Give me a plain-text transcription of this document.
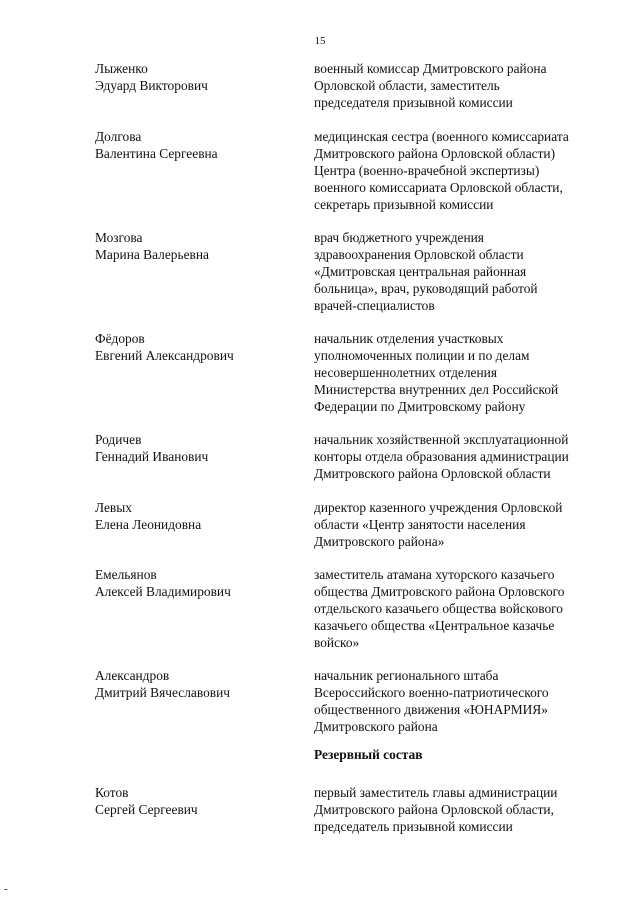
15
Лыженко
Эдуард Викторович
военный комиссар Дмитровского района
Орловской области, заместитель
председателя призывной комиссии
Долгова
Валентина Сергеевна
медицинская сестра (военного комиссариата
Дмитровского района Орловской области)
Центра (военно-врачебной экспертизы)
военного комиссариата Орловской области,
секретарь призывной комиссии
Мозгова
Марина Валерьевна
врач бюджетного учреждения
здравоохранения Орловской области
«Дмитровская центральная районная
больница», врач, руководящий работой
врачей-специалистов
Фёдоров
Евгений Александрович
начальник отделения участковых
уполномоченных полиции и по делам
несовершеннолетних отделения
Министерства внутренних дел Российской
Федерации по Дмитровскому району
Родичев
Геннадий Иванович
начальник хозяйственной эксплуатационной
конторы отдела образования администрации
Дмитровского района Орловской области
Левых
Елена Леонидовна
директор казенного учреждения Орловской
области «Центр занятости населения
Дмитровского района»
Емельянов
Алексей Владимирович
заместитель атамана хуторского казачьего
общества Дмитровского района Орловского
отдельского казачьего общества войскового
казачьего общества «Центральное казачье
войско»
Александров
Дмитрий Вячеславович
начальник регионального штаба
Всероссийского военно-патриотического
общественного движения «ЮНАРМИЯ»
Дмитровского района
Резервный состав
Котов
Сергей Сергеевич
первый заместитель главы администрации
Дмитровского района Орловской области,
председатель призывной комиссии
-
